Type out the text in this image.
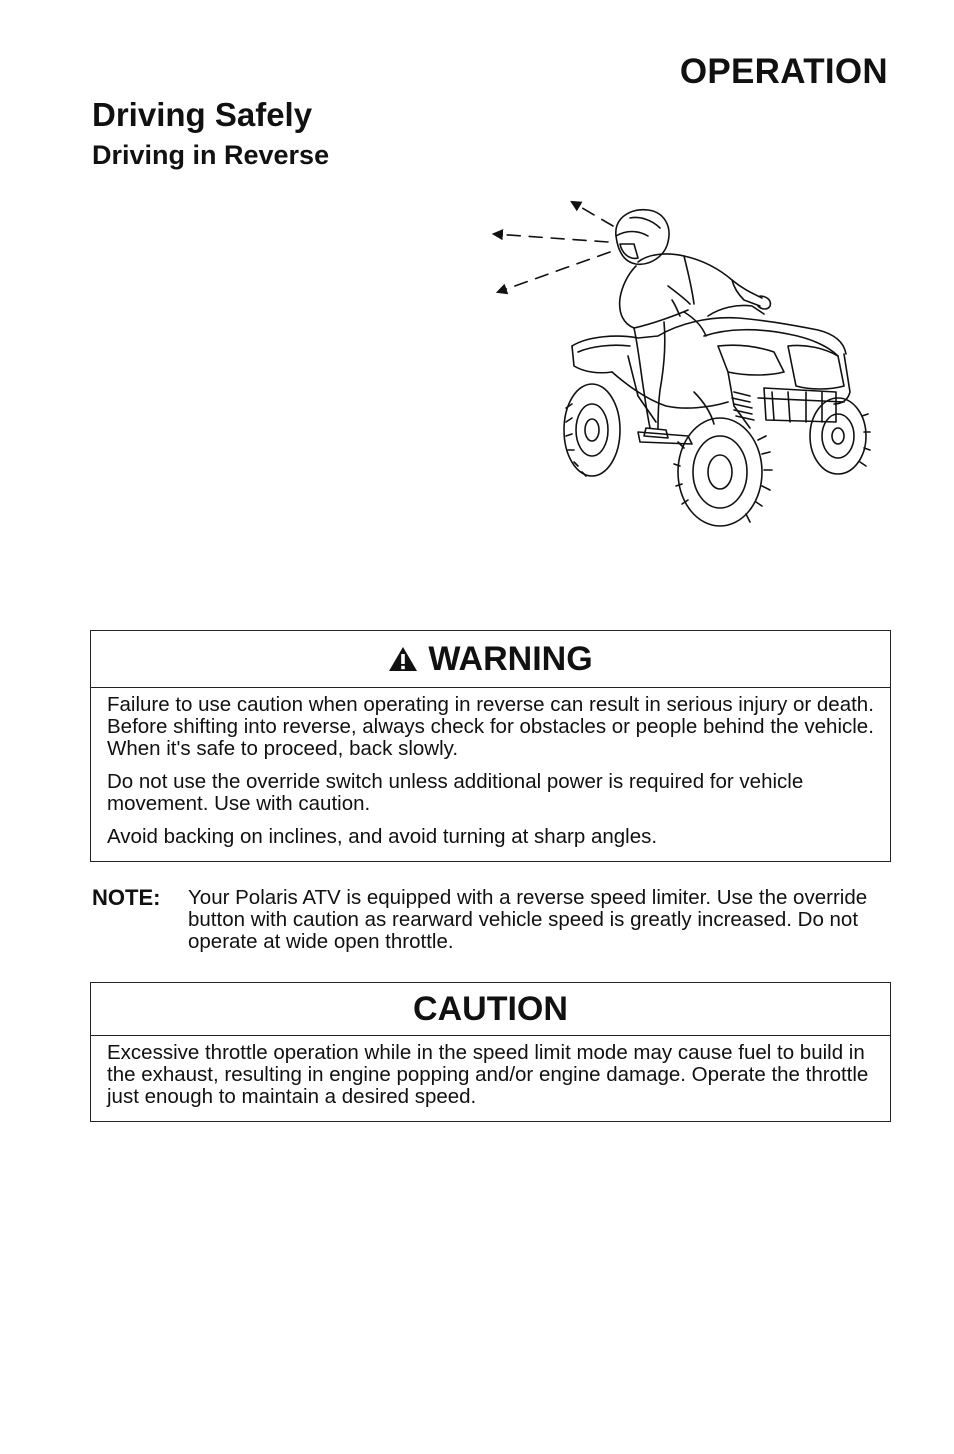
OPERATION
Driving Safely
Driving in Reverse
WARNING

Failure to use caution when operating in reverse can result in serious injury or death. Before shifting into reverse, always check for obstacles or people behind the vehicle. When it's safe to proceed, back slowly.

Do not use the override switch unless additional power is required for vehicle movement. Use with caution.

Avoid backing on inclines, and avoid turning at sharp angles.

NOTE: Your Polaris ATV is equipped with a reverse speed limiter. Use the override button with caution as rearward vehicle speed is greatly increased. Do not operate at wide open throttle.
CAUTION

Excessive throttle operation while in the speed limit mode may cause fuel to build in the exhaust, resulting in engine popping and/or engine damage. Operate the throttle just enough to maintain a desired speed.
